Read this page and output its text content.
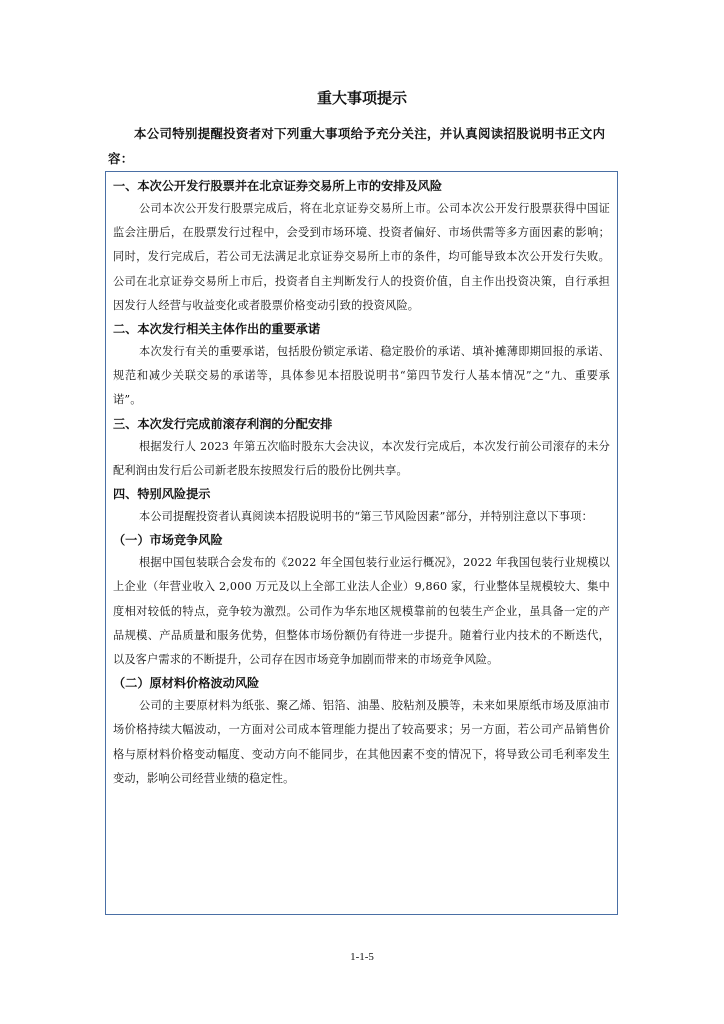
重大事项提示

本公司特别提醒投资者对下列重大事项给予充分关注，并认真阅读招股说明书正文内容：

一、本次公开发行股票并在北京证券交易所上市的安排及风险

公司本次公开发行股票完成后，将在北京证券交易所上市。公司本次公开发行股票获得中国证监会注册后，在股票发行过程中，会受到市场环境、投资者偏好、市场供需等多方面因素的影响；同时，发行完成后，若公司无法满足北京证券交易所上市的条件，均可能导致本次公开发行失败。公司在北京证券交易所上市后，投资者自主判断发行人的投资价值，自主作出投资决策，自行承担因发行人经营与收益变化或者股票价格变动引致的投资风险。

二、本次发行相关主体作出的重要承诺

本次发行有关的重要承诺，包括股份锁定承诺、稳定股价的承诺、填补摊薄即期回报的承诺、规范和减少关联交易的承诺等，具体参见本招股说明书“第四节发行人基本情况”之“九、重要承诺”。

三、本次发行完成前滚存利润的分配安排

根据发行人 2023 年第五次临时股东大会决议，本次发行完成后，本次发行前公司滚存的未分配利润由发行后公司新老股东按照发行后的股份比例共享。

四、特别风险提示

本公司提醒投资者认真阅读本招股说明书的“第三节风险因素”部分，并特别注意以下事项：

（一）市场竞争风险

根据中国包装联合会发布的《2022 年全国包装行业运行概况》，2022 年我国包装行业规模以上企业（年营业收入 2,000 万元及以上全部工业法人企业）9,860 家，行业整体呈规模较大、集中度相对较低的特点，竞争较为激烈。公司作为华东地区规模靠前的包装生产企业，虽具备一定的产品规模、产品质量和服务优势，但整体市场份额仍有待进一步提升。随着行业内技术的不断迭代，以及客户需求的不断提升，公司存在因市场竞争加剧而带来的市场竞争风险。

（二）原材料价格波动风险

公司的主要原材料为纸张、聚乙烯、铝箔、油墨、胶粘剂及膜等，未来如果原纸市场及原油市场价格持续大幅波动，一方面对公司成本管理能力提出了较高要求；另一方面，若公司产品销售价格与原材料价格变动幅度、变动方向不能同步，在其他因素不变的情况下，将导致公司毛利率发生变动，影响公司经营业绩的稳定性。

1-1-5
